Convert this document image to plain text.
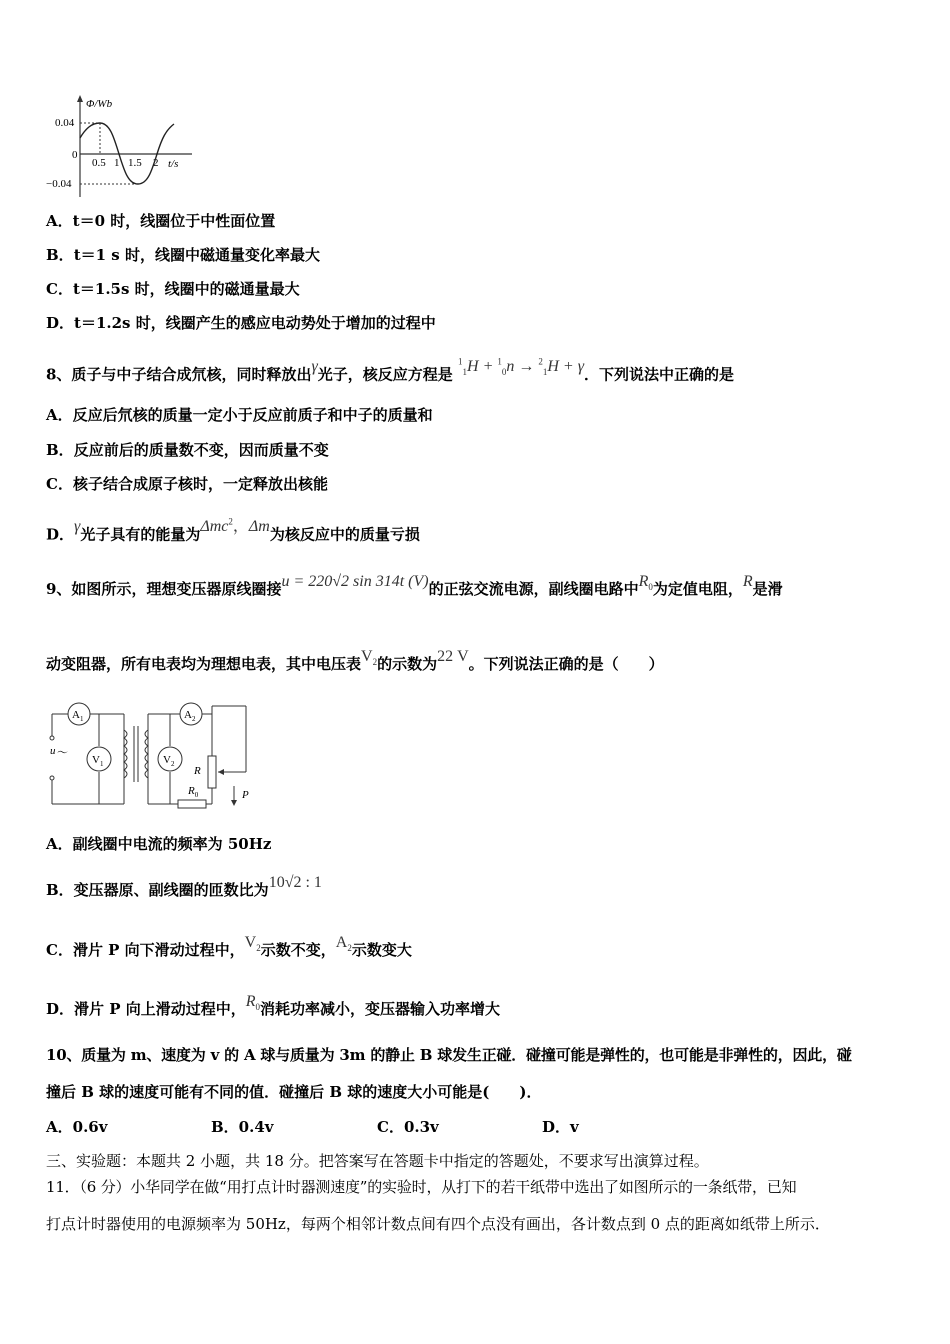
Φ/Wb
t/s
0.04
0
−0.04
0.5 1 1.5 2
A．t＝0 时，线圈位于中性面位置
B．t＝1 s 时，线圈中磁通量变化率最大
C．t＝1.5s 时，线圈中的磁通量最大
D．t＝1.2s 时，线圈产生的感应电动势处于增加的过程中
8、质子与中子结合成氘核，同时释放出γ光子，核反应方程是 $^1_1$H + $^1_0$n → $^2_1$H + γ．下列说法中正确的是
A．反应后氘核的质量一定小于反应前质子和中子的质量和
B．反应前后的质量数不变，因而质量不变
C．核子结合成原子核时，一定释放出核能
D．γ光子具有的能量为Δmc$^2$，Δm为核反应中的质量亏损
9、如图所示，理想变压器原线圈接u = 220√2 sin 314t (V)的正弦交流电源，副线圈电路中$R_0$为定值电阻，R是滑
动变阻器，所有电表均为理想电表，其中电压表$V_2$的示数为22 V。下列说法正确的是（　　）
$A_1$
$V_1$
$A_2$
$V_2$
u ～
R
$R_0$	P
A．副线圈中电流的频率为 50Hz
B．变压器原、副线圈的匝数比为10√2 : 1
C．滑片 P 向下滑动过程中，$V_2$示数不变，$A_2$示数变大
D．滑片 P 向上滑动过程中，$R_0$消耗功率减小，变压器输入功率增大
10、质量为 m、速度为 v 的 A 球与质量为 3m 的静止 B 球发生正碰．碰撞可能是弹性的，也可能是非弹性的，因此，碰
撞后 B 球的速度可能有不同的值．碰撞后 B 球的速度大小可能是(　　)．
A．0.6v	B．0.4v	C．0.3v	D．v
三、实验题：本题共 2 小题，共 18 分。把答案写在答题卡中指定的答题处，不要求写出演算过程。
11．（6 分）小华同学在做“用打点计时器测速度”的实验时，从打下的若干纸带中选出了如图所示的一条纸带，已知
打点计时器使用的电源频率为 50Hz，每两个相邻计数点间有四个点没有画出，各计数点到 0 点的距离如纸带上所示．
